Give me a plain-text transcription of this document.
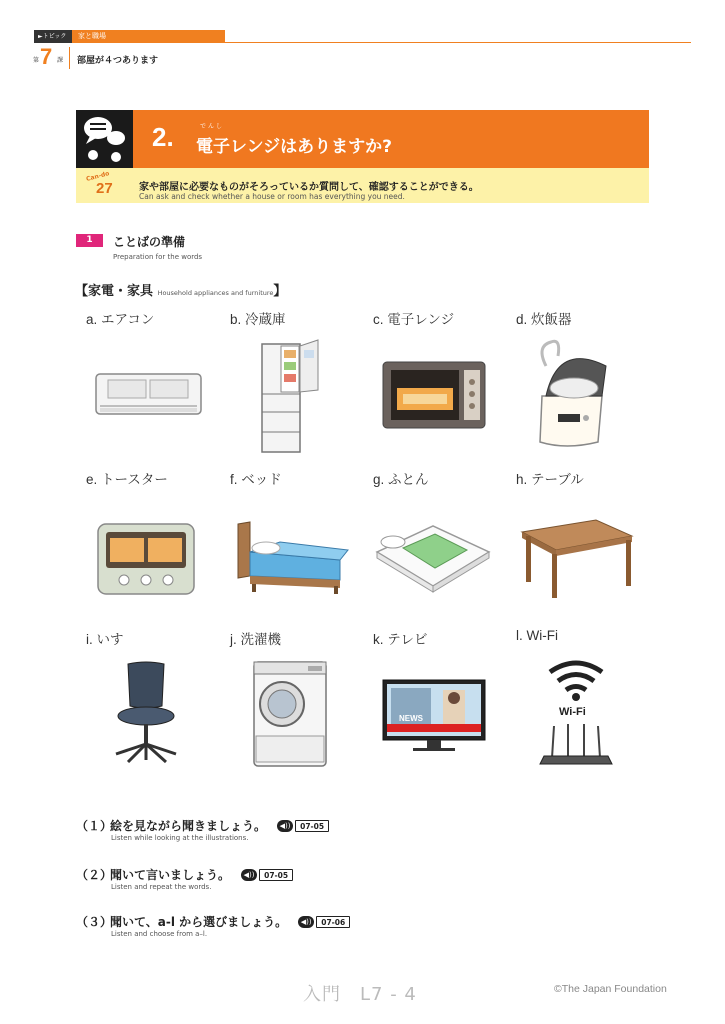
►トピック	家と職場
第 7 課 部屋が４つあります
2.	でんし
電子レンジはありますか?
Can-do
27	家や部屋に必要なものがそろっているか質問して、確認することができる。
Can ask and check whether a house or room has everything you need.
1	ことばの準備
Preparation for the words
【家電・家具 Household appliances and furniture】
a. エアコン	b. 冷蔵庫	c. 電子レンジ	d. 炊飯器
e. トースター	f. ベッド	g. ふとん	h. テーブル
i. いす	j. 洗濯機	k. テレビ
NEWS
l. Wi-Fi
Wi-Fi
（１）絵を見ながら聞きましょう。	◀))	07-05
Listen while looking at the illustrations.
（２）聞いて言いましょう。	◀))	07-05
Listen and repeat the words.
（３）聞いて、a-l から選びましょう。	◀))	07-06
Listen and choose from a–l.
入門　L7 - 4	©The Japan Foundation
